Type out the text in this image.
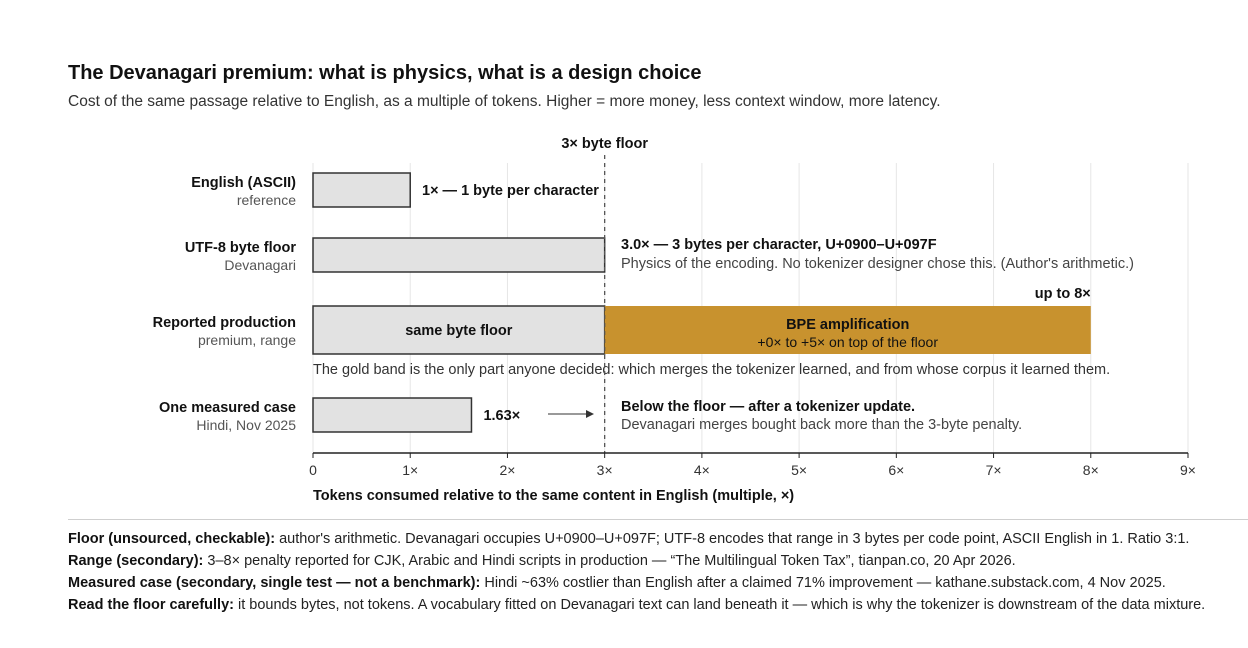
The Devanagari premium: what is physics, what is a design choice
Cost of the same passage relative to English, as a multiple of tokens. Higher = more money, less context window, more latency.
English (ASCII)
reference
UTF-8 byte floor
Devanagari
Reported production
premium, range
same byte floor	BPE amplification
+0× to +5× on top of the floor
One measured case
Hindi, Nov 2025
1× — 1 byte per character
3.0× — 3 bytes per character, U+0900–U+097F
Physics of the encoding. No tokenizer designer chose this. (Author's arithmetic.)
up to 8×
The gold band is the only part anyone decided: which merges the tokenizer learned, and from whose corpus it learned them.
1.63×
Below the floor — after a tokenizer update.
Devanagari merges bought back more than the 3-byte penalty.
3× byte floor
0	1×	2×	3×	4×	5×	6×	7×	8×	9×
Tokens consumed relative to the same content in English (multiple, ×)
Floor (unsourced, checkable): author's arithmetic. Devanagari occupies U+0900–U+097F; UTF-8 encodes that range in 3 bytes per code point, ASCII English in 1. Ratio 3:1.
Range (secondary): 3–8× penalty reported for CJK, Arabic and Hindi scripts in production — “The Multilingual Token Tax”, tianpan.co, 20 Apr 2026.
Measured case (secondary, single test — not a benchmark): Hindi ~63% costlier than English after a claimed 71% improvement — kathane.substack.com, 4 Nov 2025.
Read the floor carefully: it bounds bytes, not tokens. A vocabulary fitted on Devanagari text can land beneath it — which is why the tokenizer is downstream of the data mixture.
